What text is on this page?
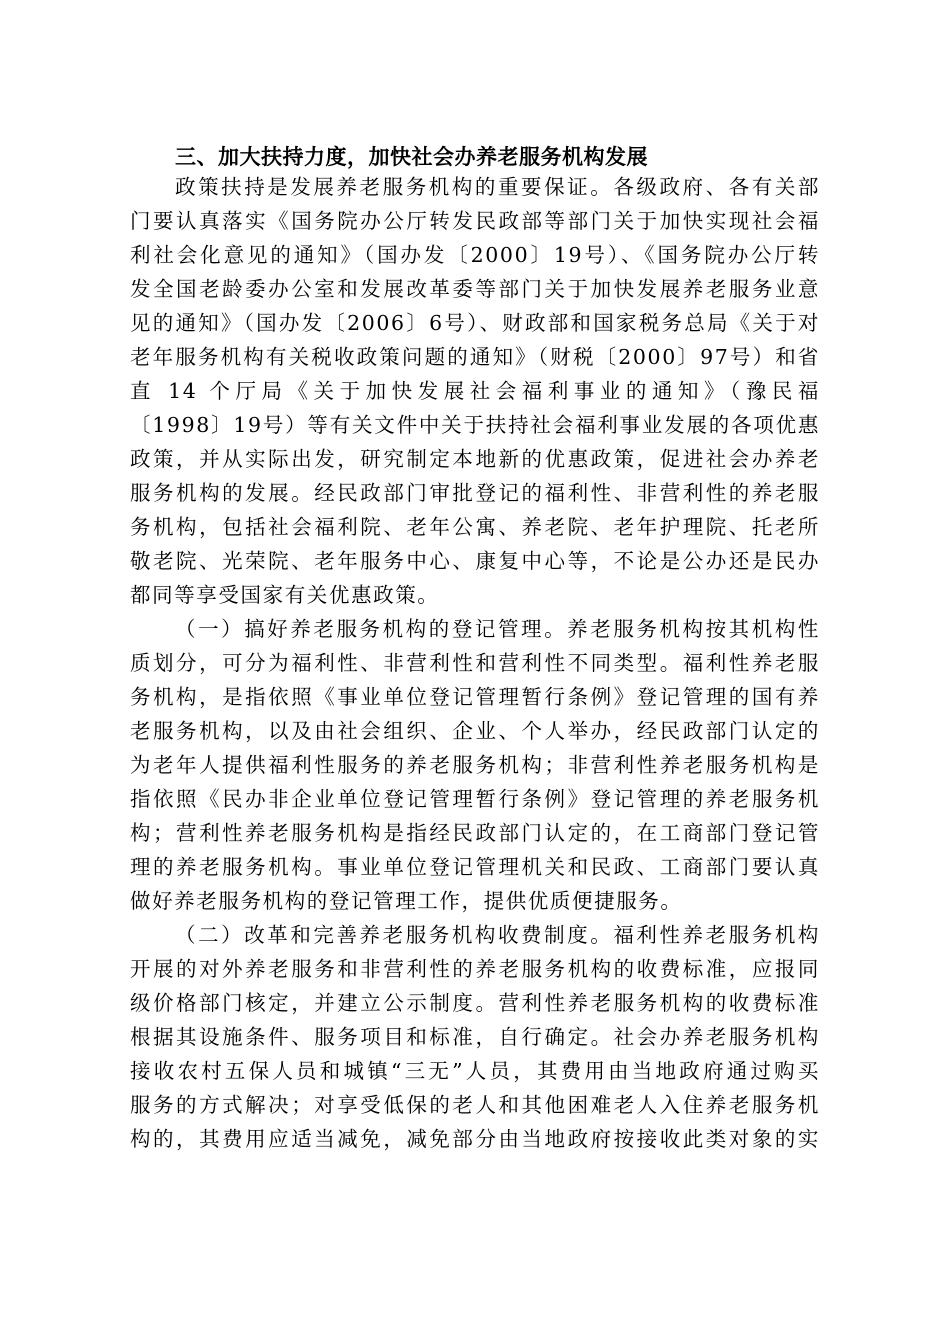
三、加大扶持力度，加快社会办养老服务机构发展
政策扶持是发展养老服务机构的重要保证。各级政府、各有关部
门要认真落实《国务院办公厅转发民政部等部门关于加快实现社会福
利社会化意见的通知》（国办发〔2000〕19号）、《国务院办公厅转
发全国老龄委办公室和发展改革委等部门关于加快发展养老服务业意
见的通知》（国办发〔2006〕6号）、财政部和国家税务总局《关于对
老年服务机构有关税收政策问题的通知》（财税〔2000〕97号）和省
直 14 个厅局《关于加快发展社会福利事业的通知》（豫民福
〔1998〕19号）等有关文件中关于扶持社会福利事业发展的各项优惠
政策，并从实际出发，研究制定本地新的优惠政策，促进社会办养老
服务机构的发展。经民政部门审批登记的福利性、非营利性的养老服
务机构，包括社会福利院、老年公寓、养老院、老年护理院、托老所
敬老院、光荣院、老年服务中心、康复中心等，不论是公办还是民办
都同等享受国家有关优惠政策。
（一）搞好养老服务机构的登记管理。养老服务机构按其机构性
质划分，可分为福利性、非营利性和营利性不同类型。福利性养老服
务机构，是指依照《事业单位登记管理暂行条例》登记管理的国有养
老服务机构，以及由社会组织、企业、个人举办，经民政部门认定的
为老年人提供福利性服务的养老服务机构；非营利性养老服务机构是
指依照《民办非企业单位登记管理暂行条例》登记管理的养老服务机
构；营利性养老服务机构是指经民政部门认定的，在工商部门登记管
理的养老服务机构。事业单位登记管理机关和民政、工商部门要认真
做好养老服务机构的登记管理工作，提供优质便捷服务。
（二）改革和完善养老服务机构收费制度。福利性养老服务机构
开展的对外养老服务和非营利性的养老服务机构的收费标准，应报同
级价格部门核定，并建立公示制度。营利性养老服务机构的收费标准
根据其设施条件、服务项目和标准，自行确定。社会办养老服务机构
接收农村五保人员和城镇“三无”人员，其费用由当地政府通过购买
服务的方式解决；对享受低保的老人和其他困难老人入住养老服务机
构的，其费用应适当减免，减免部分由当地政府按接收此类对象的实
